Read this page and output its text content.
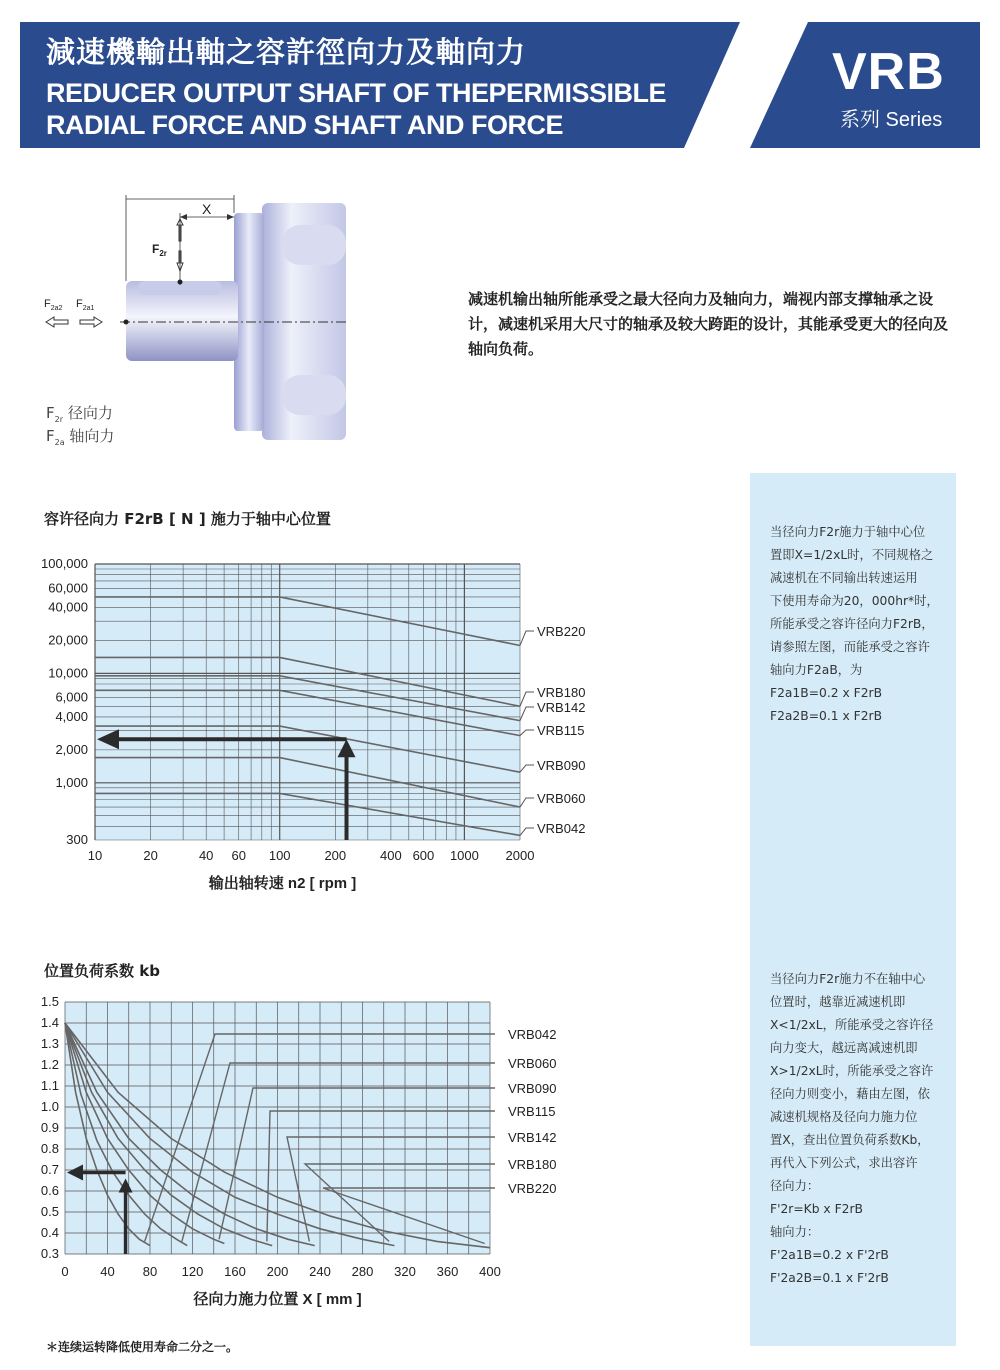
減速機輸出軸之容許徑向力及軸向力
REDUCER OUTPUT SHAFT OF THEPERMISSIBLE
RADIAL FORCE AND SHAFT AND FORCE
VRB
系列 Series
X
$F_{2r}$
$F_{2a2}$ $F_{2a1}$
$F_{2r}$ 径向力
$F_{2a}$ 轴向力
减速机输出轴所能承受之最大径向力及轴向力，端视内部支撑轴承之设计，减速机采用大尺寸的轴承及较大跨距的设计，其能承受更大的径向及轴向负荷。
当径向力F2r施力于轴中心位
置即X=1/2xL时，不同规格之
减速机在不同输出转速运用
下使用寿命为20，000hr*时，
所能承受之容许径向力F2rB，
请参照左图，而能承受之容许
轴向力F2aB，为
F2a1B=0.2 x F2rB
F2a2B=0.1 x F2rB
当径向力F2r施力不在轴中心
位置时，越靠近减速机即
X<1/2xL，所能承受之容许径
向力变大，越远离减速机即
X>1/2xL时，所能承受之容许
径向力则变小，藉由左图，依
减速机规格及径向力施力位
置X，查出位置负荷系数Kb，
再代入下列公式，求出容许
径向力：
F'2r=Kb x F2rB
轴向力：
F'2a1B=0.2 x F'2rB
F'2a2B=0.1 x F'2rB
容许径向力 F2rB [ N ] 施力于轴中心位置
10	20	40 60 100	200	400 600 1000 2000
300
1,000
2,000
4,000
6,000
10,000
20,000
40,000
60,000
100,000
VRB220
VRB180
VRB142
VRB115
VRB090
VRB060
VRB042
输出轴转速 n2 [ rpm ]
位置负荷系数 kb
0 40 80 120 160 200 240 280 320 360 400
0.3
0.4
0.5
0.6
0.7
0.8
0.9
1.0
1.1
1.2
1.3
1.4
1.5
VRB042
VRB060
VRB090
VRB115
VRB142
VRB180
VRB220
径向力施力位置 X [ mm ]
＊连续运转降低使用寿命二分之一。
